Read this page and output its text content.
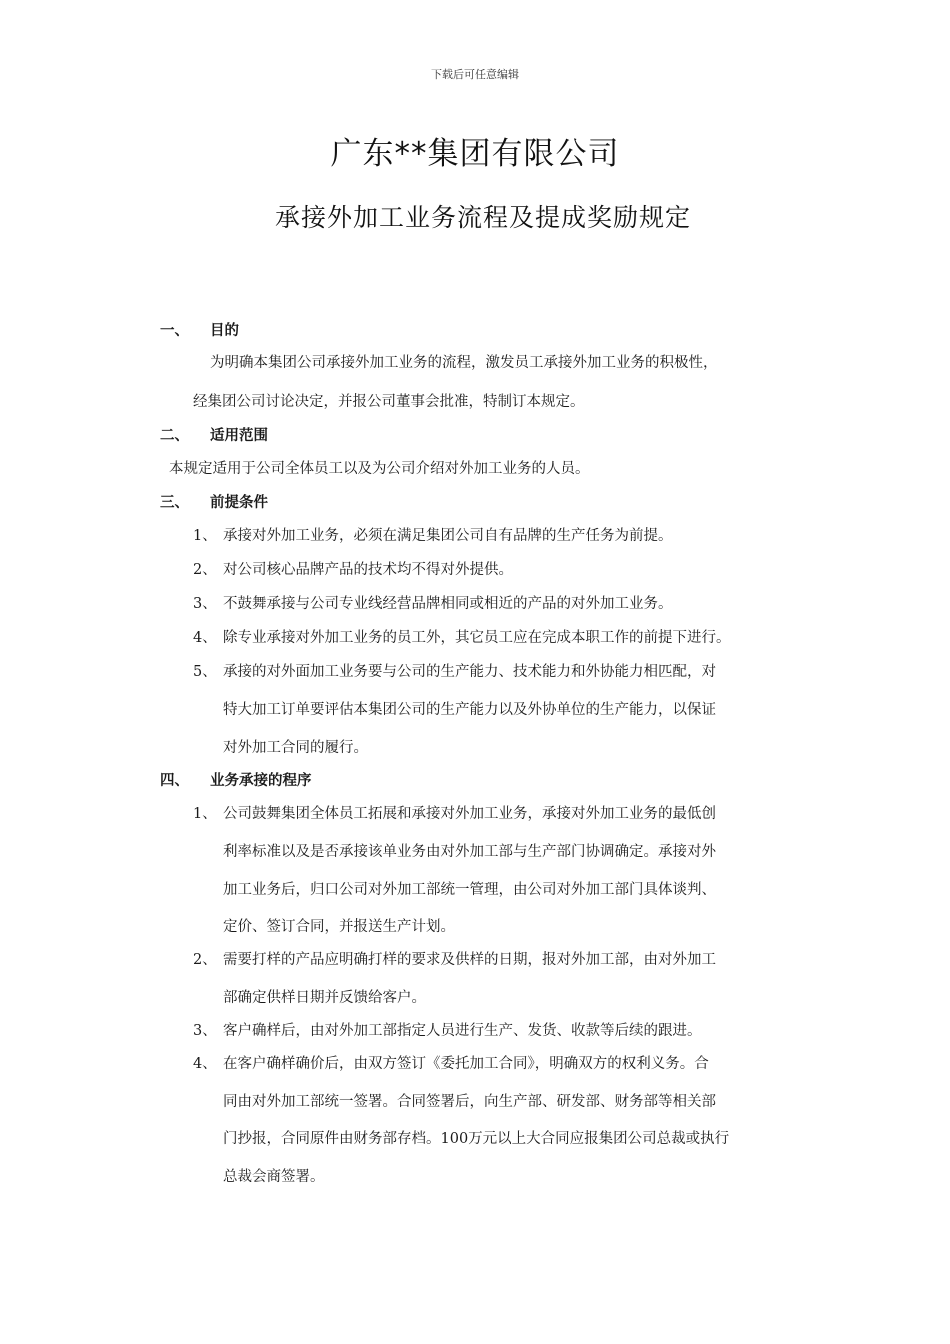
下载后可任意编辑
广东**集团有限公司
承接外加工业务流程及提成奖励规定
一、 目的
为明确本集团公司承接外加工业务的流程，激发员工承接外加工业务的积极性，
经集团公司讨论决定，并报公司董事会批准，特制订本规定。
二、 适用范围
本规定适用于公司全体员工以及为公司介绍对外加工业务的人员。
三、 前提条件
1、 承接对外加工业务，必须在满足集团公司自有品牌的生产任务为前提。
2、 对公司核心品牌产品的技术均不得对外提供。
3、 不鼓舞承接与公司专业线经营品牌相同或相近的产品的对外加工业务。
4、 除专业承接对外加工业务的员工外，其它员工应在完成本职工作的前提下进行。
5、 承接的对外面加工业务要与公司的生产能力、技术能力和外协能力相匹配，对
特大加工订单要评估本集团公司的生产能力以及外协单位的生产能力，以保证
对外加工合同的履行。
四、 业务承接的程序
1、 公司鼓舞集团全体员工拓展和承接对外加工业务，承接对外加工业务的最低创
利率标准以及是否承接该单业务由对外加工部与生产部门协调确定。承接对外
加工业务后，归口公司对外加工部统一管理，由公司对外加工部门具体谈判、
定价、签订合同，并报送生产计划。
2、 需要打样的产品应明确打样的要求及供样的日期，报对外加工部，由对外加工
部确定供样日期并反馈给客户。
3、 客户确样后，由对外加工部指定人员进行生产、发货、收款等后续的跟进。
4、 在客户确样确价后，由双方签订《委托加工合同》，明确双方的权利义务。合
同由对外加工部统一签署。合同签署后，向生产部、研发部、财务部等相关部
门抄报，合同原件由财务部存档。100万元以上大合同应报集团公司总裁或执行
总裁会商签署。
